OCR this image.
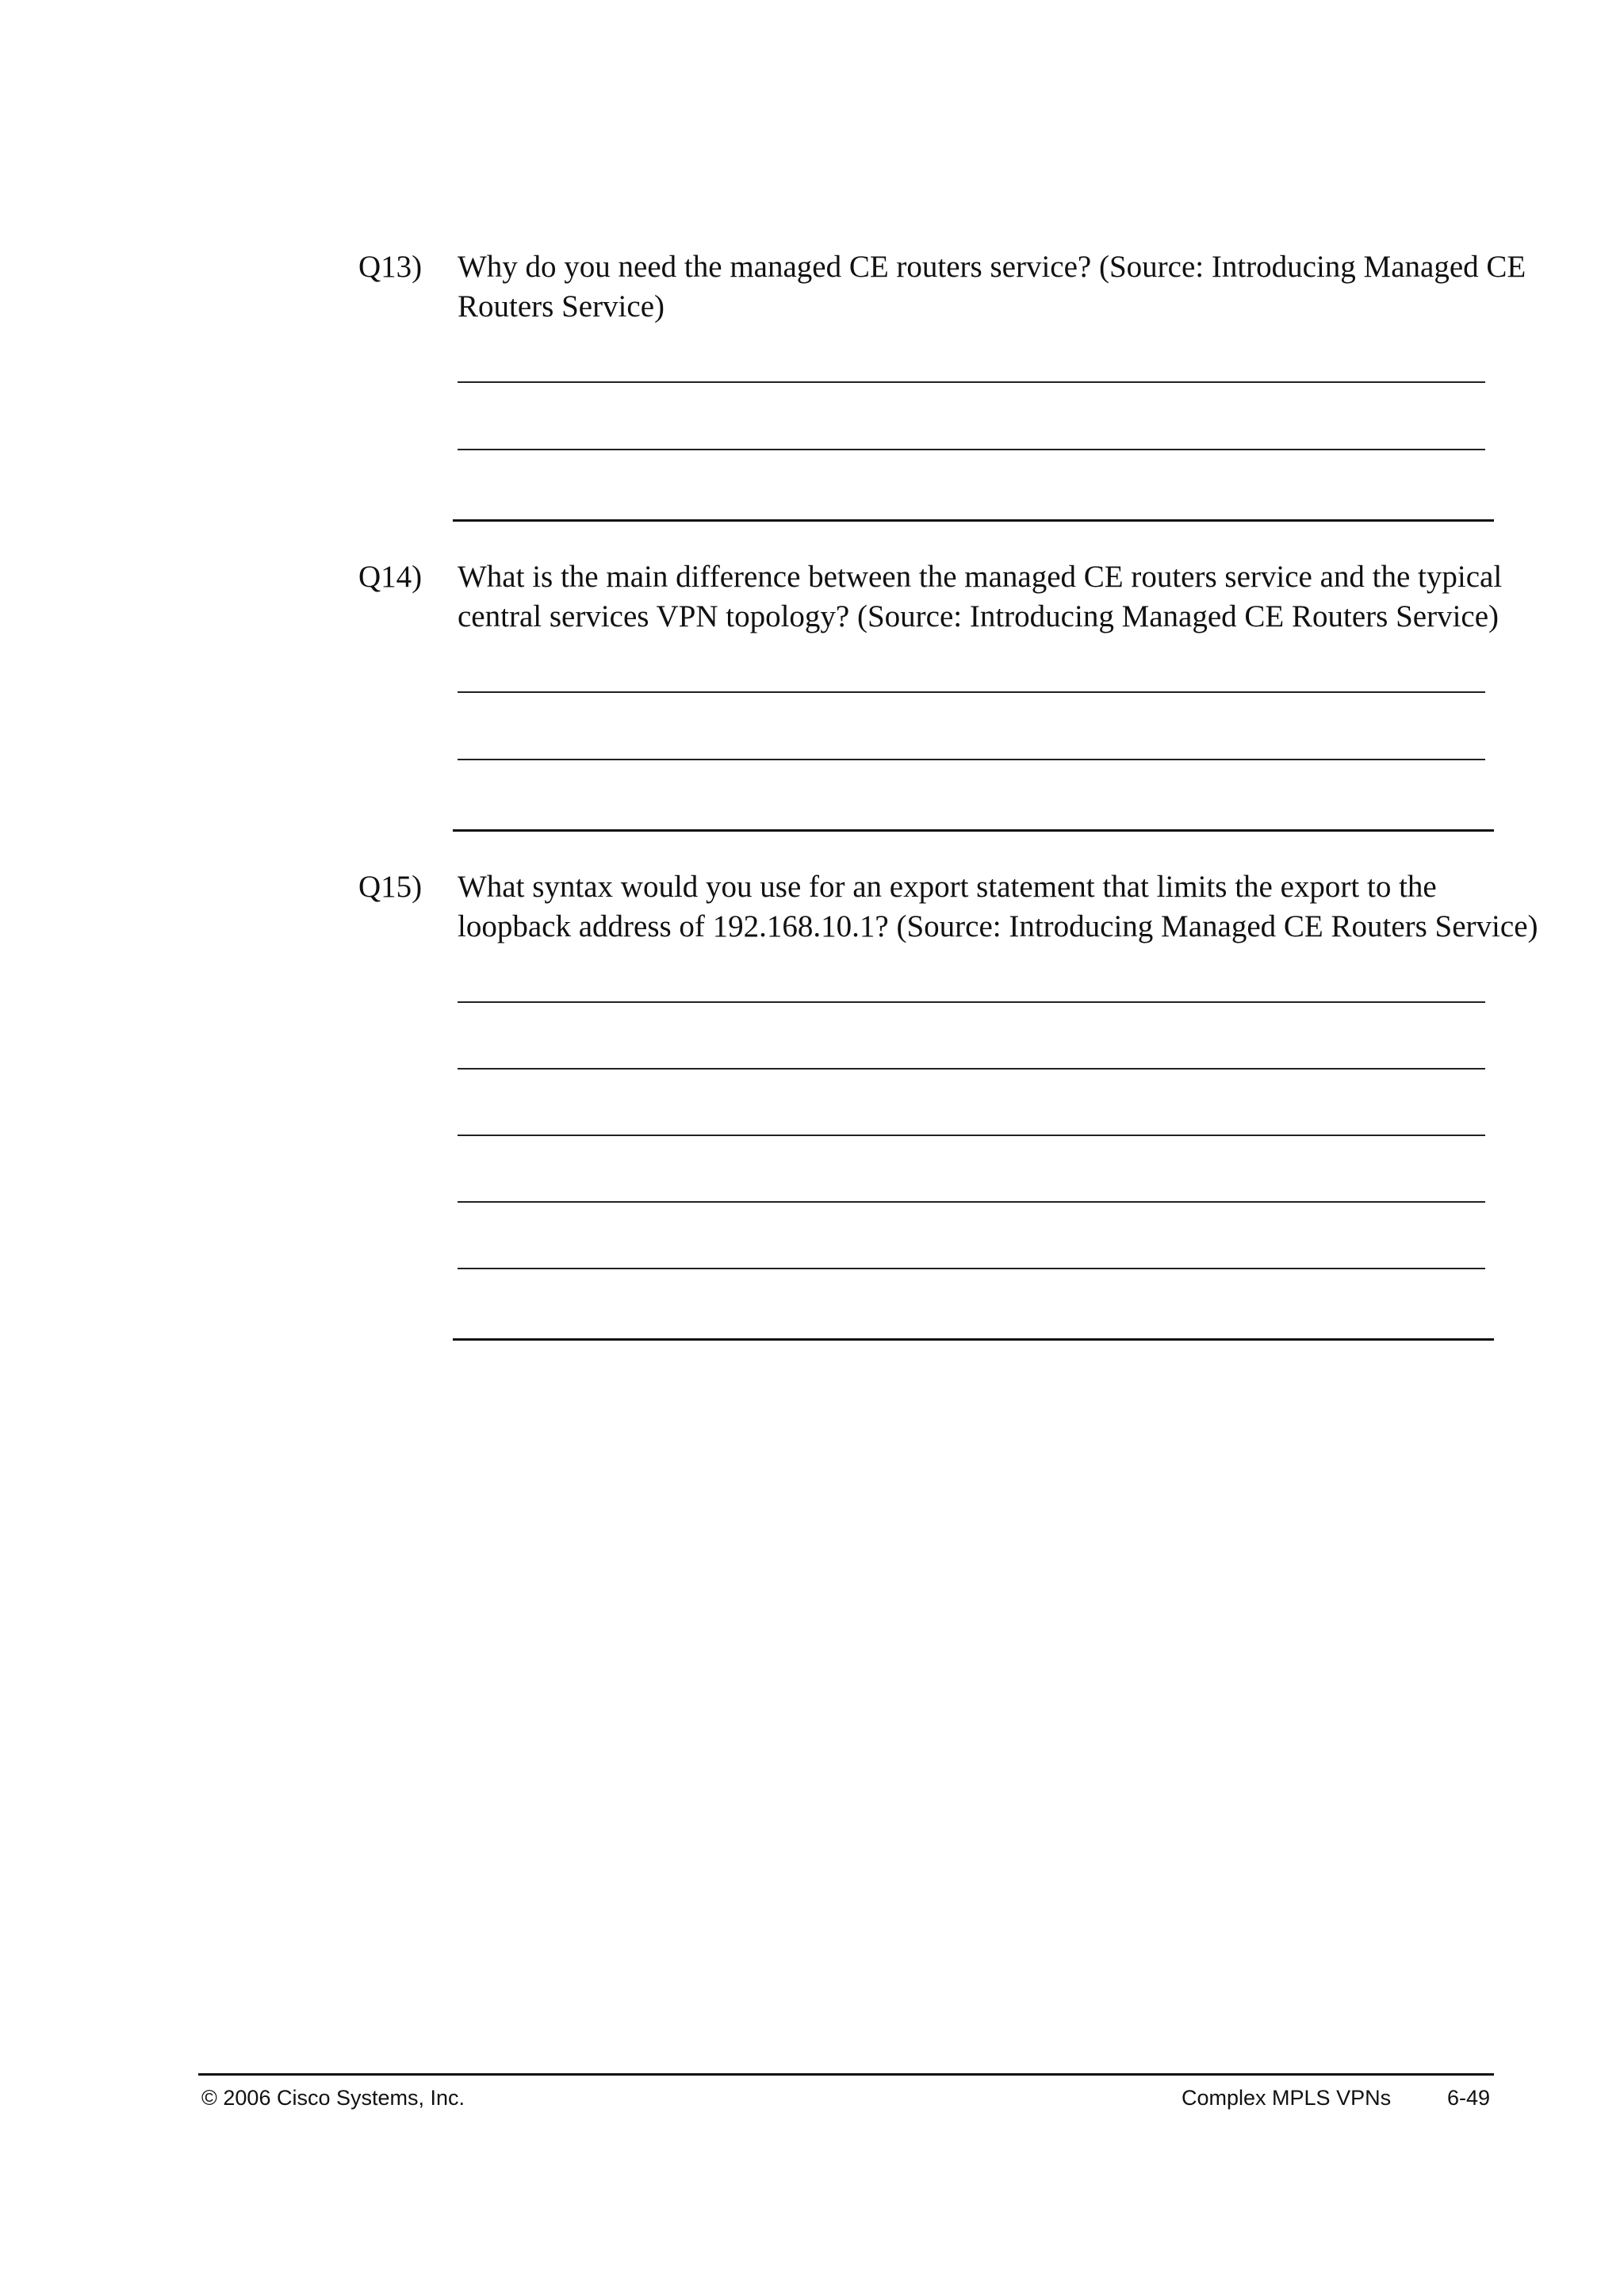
Q13) Why do you need the managed CE routers service? (Source: Introducing Managed CE
Routers Service)
Q14) What is the main difference between the managed CE routers service and the typical
central services VPN topology? (Source: Introducing Managed CE Routers Service)
Q15) What syntax would you use for an export statement that limits the export to the
loopback address of 192.168.10.1? (Source: Introducing Managed CE Routers Service)
© 2006 Cisco Systems, Inc.	Complex MPLS VPNs	6-49
